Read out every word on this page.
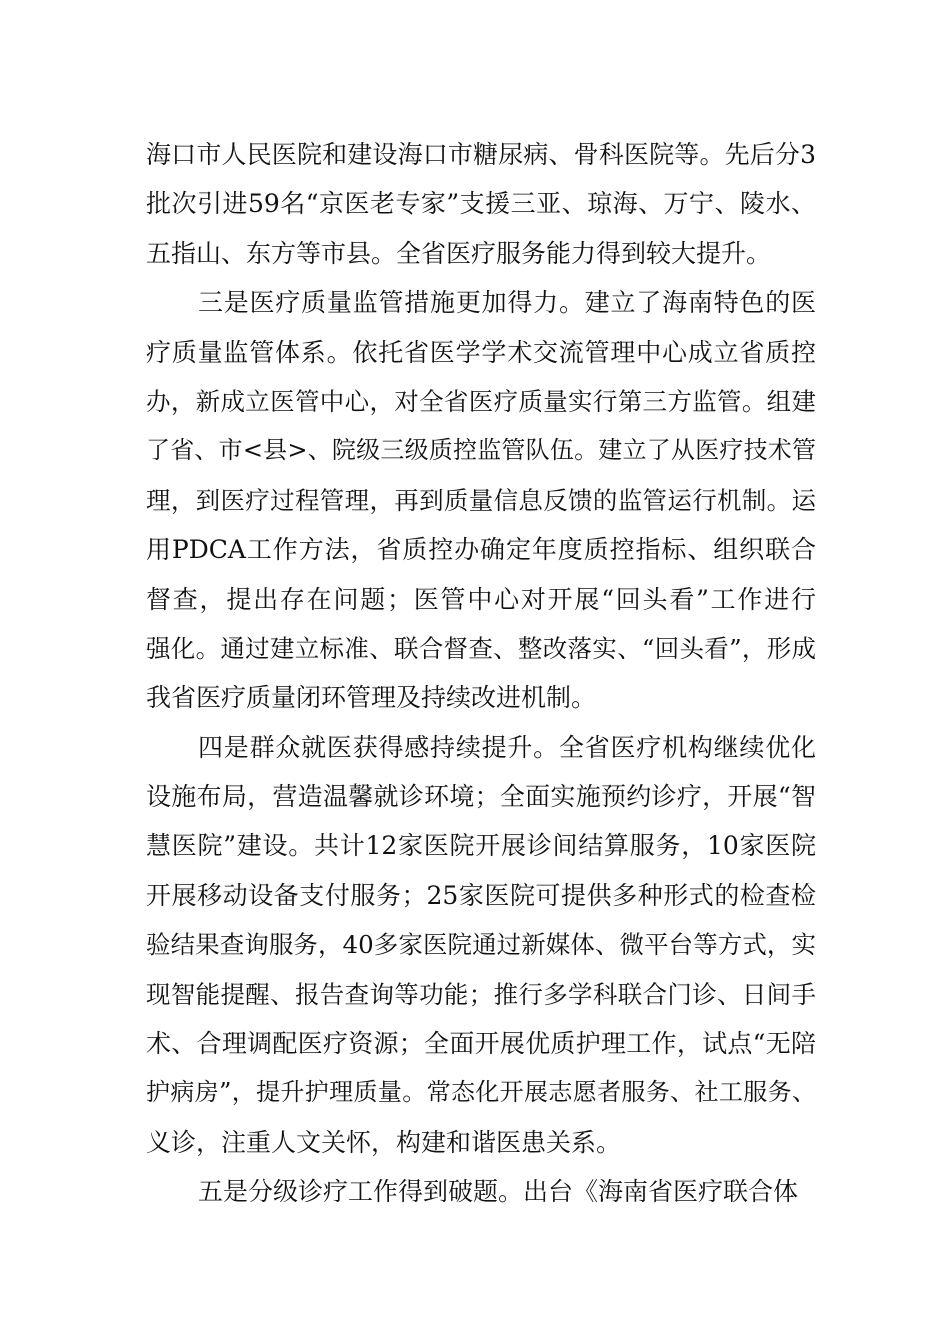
海口市人民医院和建设海口市糖尿病、骨科医院等。先后分3
批次引进59名“京医老专家”支援三亚、琼海、万宁、陵水、
五指山、东方等市县。全省医疗服务能力得到较大提升。
三是医疗质量监管措施更加得力。建立了海南特色的医
疗质量监管体系。依托省医学学术交流管理中心成立省质控
办，新成立医管中心，对全省医疗质量实行第三方监管。组建
了省、市<县>、院级三级质控监管队伍。建立了从医疗技术管
理，到医疗过程管理，再到质量信息反馈的监管运行机制。运
用PDCA工作方法，省质控办确定年度质控指标、组织联合
督查，提出存在问题；医管中心对开展“回头看”工作进行
强化。通过建立标准、联合督查、整改落实、“回头看”，形成
我省医疗质量闭环管理及持续改进机制。
四是群众就医获得感持续提升。全省医疗机构继续优化
设施布局，营造温馨就诊环境；全面实施预约诊疗，开展“智
慧医院”建设。共计12家医院开展诊间结算服务，10家医院
开展移动设备支付服务；25家医院可提供多种形式的检查检
验结果查询服务，40多家医院通过新媒体、微平台等方式，实
现智能提醒、报告查询等功能；推行多学科联合门诊、日间手
术、合理调配医疗资源；全面开展优质护理工作，试点“无陪
护病房”，提升护理质量。常态化开展志愿者服务、社工服务、
义诊，注重人文关怀，构建和谐医患关系。
五是分级诊疗工作得到破题。出台《海南省医疗联合体
